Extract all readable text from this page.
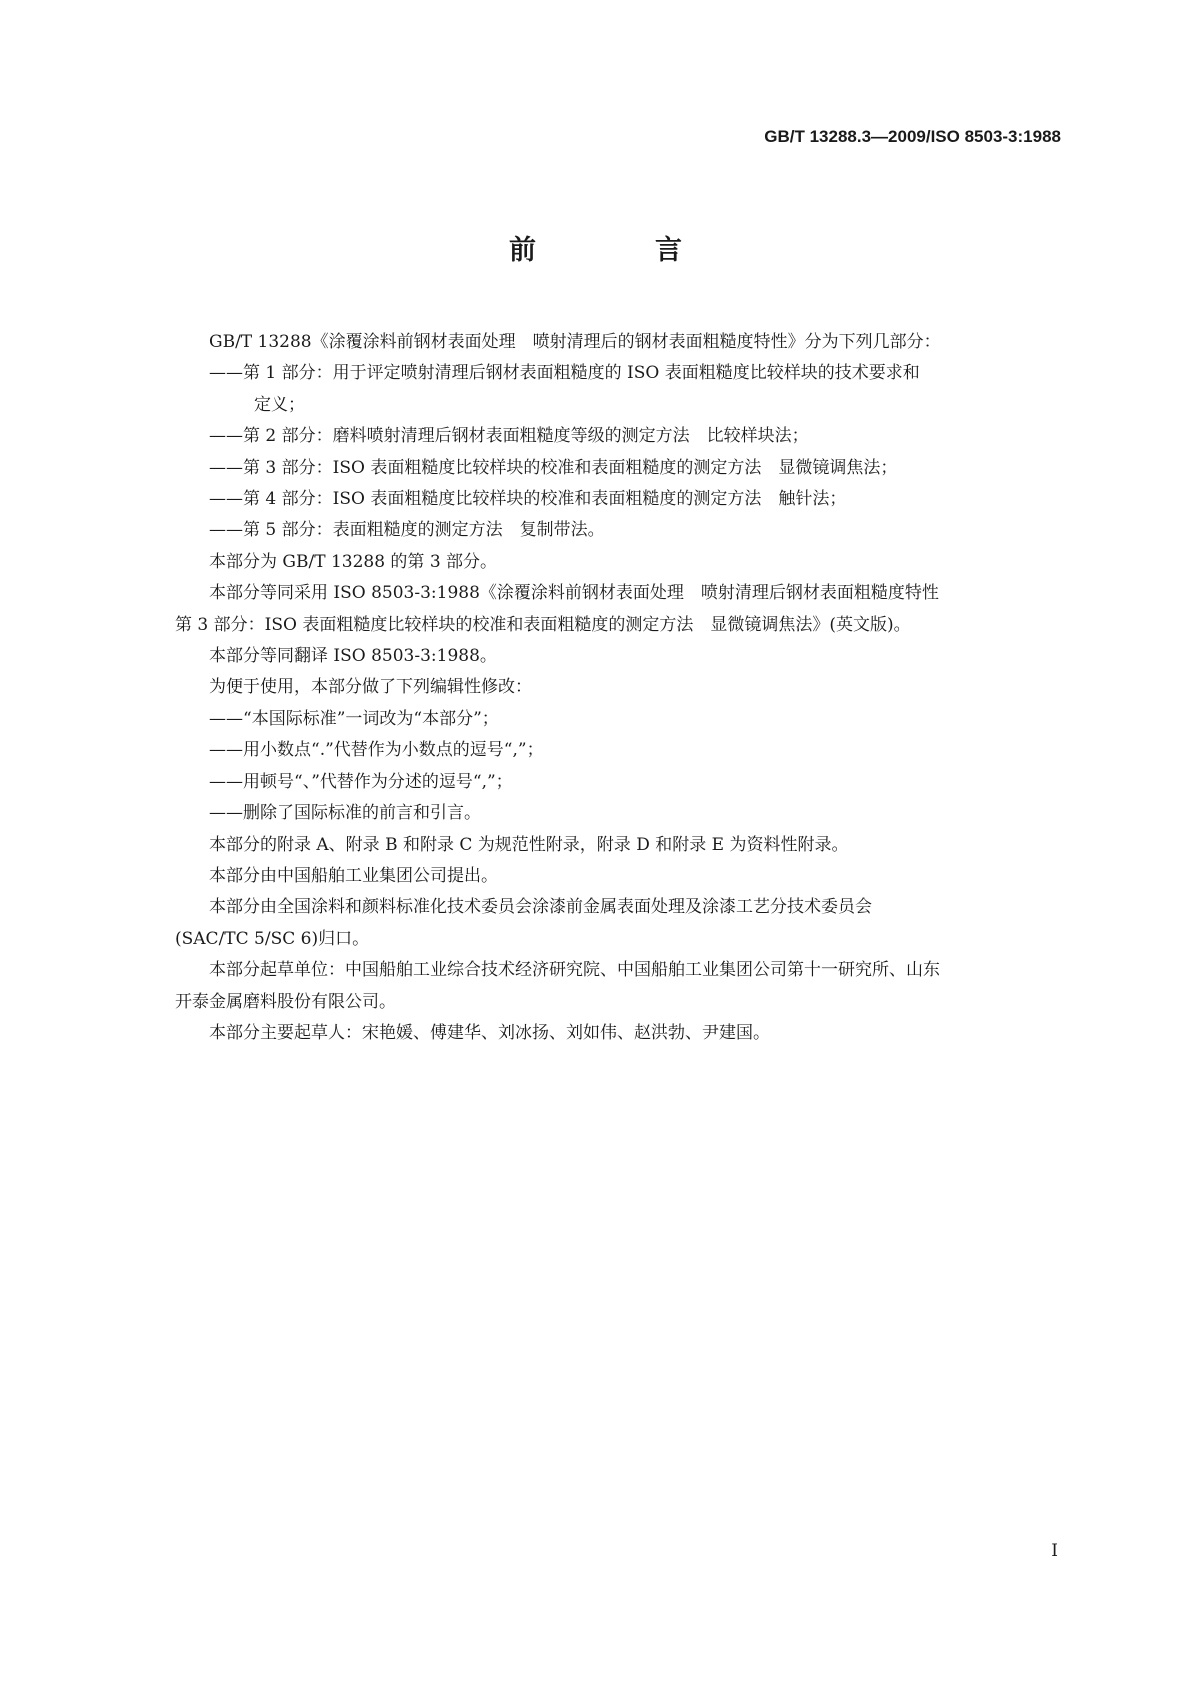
GB/T 13288.3—2009/ISO 8503-3:1988
前　言

GB/T 13288《涂覆涂料前钢材表面处理　喷射清理后的钢材表面粗糙度特性》分为下列几部分：

——第 1 部分：用于评定喷射清理后钢材表面粗糙度的 ISO 表面粗糙度比较样块的技术要求和

定义；

——第 2 部分：磨料喷射清理后钢材表面粗糙度等级的测定方法　比较样块法；

——第 3 部分：ISO 表面粗糙度比较样块的校准和表面粗糙度的测定方法　显微镜调焦法；

——第 4 部分：ISO 表面粗糙度比较样块的校准和表面粗糙度的测定方法　触针法；

——第 5 部分：表面粗糙度的测定方法　复制带法。

本部分为 GB/T 13288 的第 3 部分。

本部分等同采用 ISO 8503-3:1988《涂覆涂料前钢材表面处理　喷射清理后钢材表面粗糙度特性

第 3 部分：ISO 表面粗糙度比较样块的校准和表面粗糙度的测定方法　显微镜调焦法》(英文版)。

本部分等同翻译 ISO 8503-3:1988。

为便于使用，本部分做了下列编辑性修改：

——“本国际标准”一词改为“本部分”；

——用小数点“.”代替作为小数点的逗号“,”；

——用顿号“、”代替作为分述的逗号“,”；

——删除了国际标准的前言和引言。

本部分的附录 A、附录 B 和附录 C 为规范性附录，附录 D 和附录 E 为资料性附录。

本部分由中国船舶工业集团公司提出。

本部分由全国涂料和颜料标准化技术委员会涂漆前金属表面处理及涂漆工艺分技术委员会

(SAC/TC 5/SC 6)归口。

本部分起草单位：中国船舶工业综合技术经济研究院、中国船舶工业集团公司第十一研究所、山东

开泰金属磨料股份有限公司。

本部分主要起草人：宋艳媛、傅建华、刘冰扬、刘如伟、赵洪勃、尹建国。

I
